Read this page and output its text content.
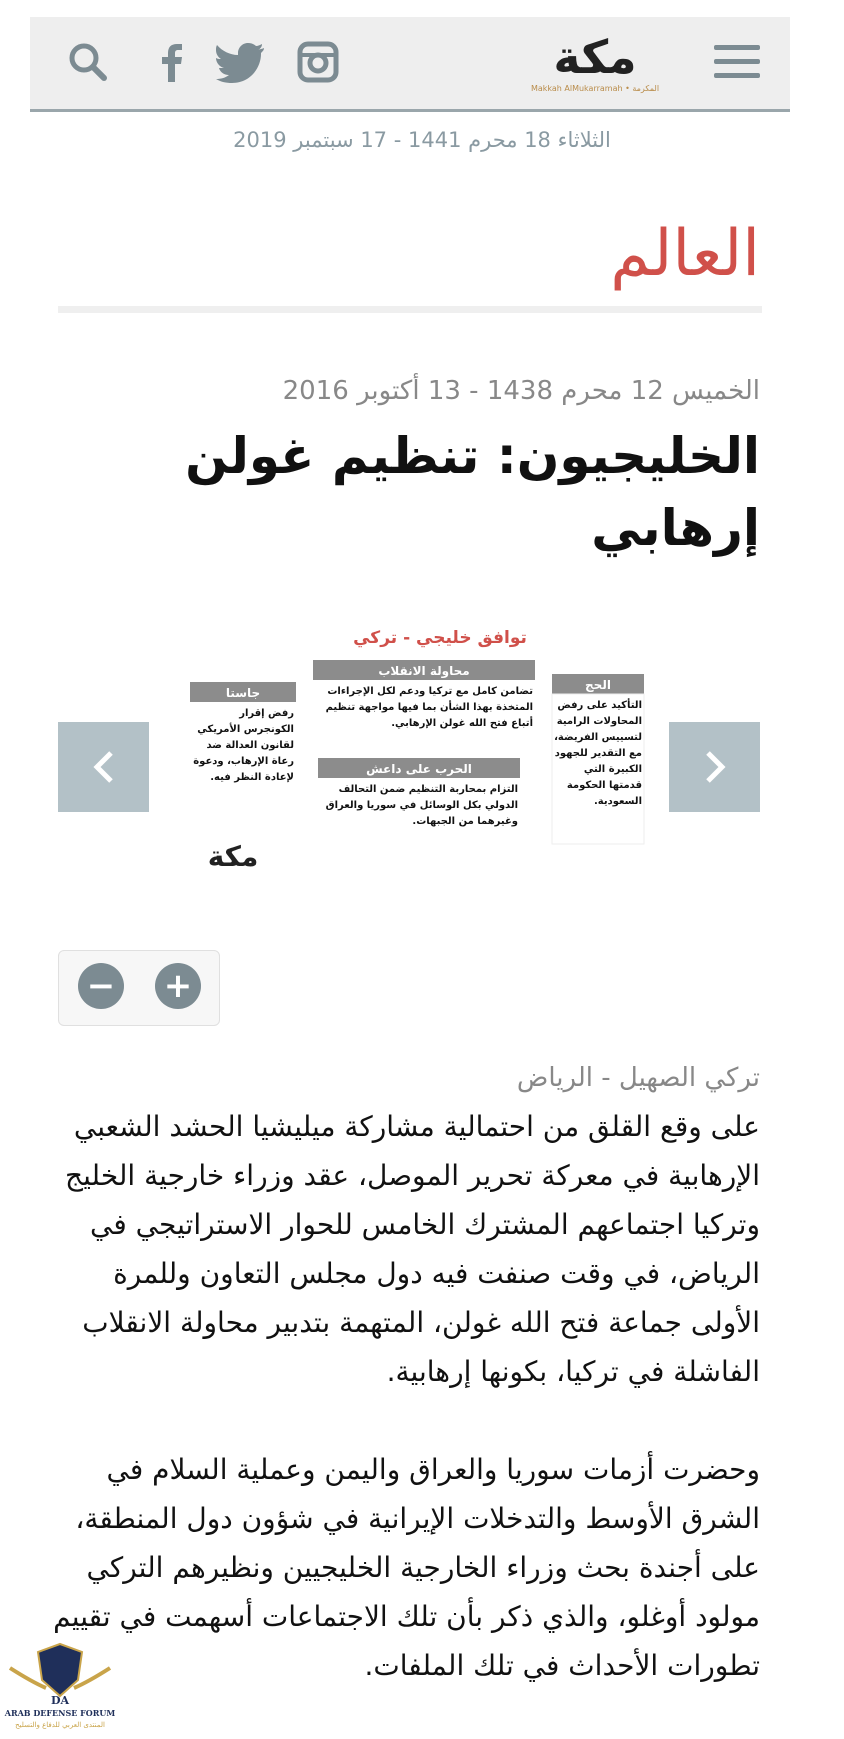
مكة
Makkah AlMukarramah • المكرمة
الثلاثاء 18 محرم 1441 - 17 سبتمبر 2019
العالم
الخميس 12 محرم 1438 - 13 أكتوبر 2016
الخليجيون: تنظيم غولن إرهابي
توافق خليجي - تركي
الحج
التأكيد على رفض المحاولات الرامية لتسييس الفريضة، مع التقدير للجهود الكبيرة التي قدمتها الحكومة السعودية.
محاولة الانقلاب
تضامن كامل مع تركيا ودعم لكل الإجراءات المتخذة بهذا الشأن بما فيها مواجهة تنظيم أتباع فتح الله غولن الإرهابي.
الحرب على داعش
التزام بمحاربة التنظيم ضمن التحالف الدولي بكل الوسائل في سوريا والعراق وغيرهما من الجبهات.
جاستا
رفض إقرار الكونجرس الأمريكي لقانون العدالة ضد رعاة الإرهاب، ودعوة لإعادة النظر فيه.
مكة
− +
تركي الصهيل - الرياض

على وقع القلق من احتمالية مشاركة ميليشيا الحشد الشعبي الإرهابية في معركة تحرير الموصل، عقد وزراء خارجية الخليج وتركيا اجتماعهم المشترك الخامس للحوار الاستراتيجي في الرياض، في وقت صنفت فيه دول مجلس التعاون وللمرة الأولى جماعة فتح الله غولن، المتهمة بتدبير محاولة الانقلاب الفاشلة في تركيا، بكونها إرهابية.

وحضرت أزمات سوريا والعراق واليمن وعملية السلام في الشرق الأوسط والتدخلات الإيرانية في شؤون دول المنطقة، على أجندة بحث وزراء الخارجية الخليجيين ونظيرهم التركي مولود أوغلو، والذي ذكر بأن تلك الاجتماعات أسهمت في تقييم تطورات الأحداث في تلك الملفات.

DA
ARAB DEFENSE FORUM
المنتدى العربي للدفاع والتسليح
